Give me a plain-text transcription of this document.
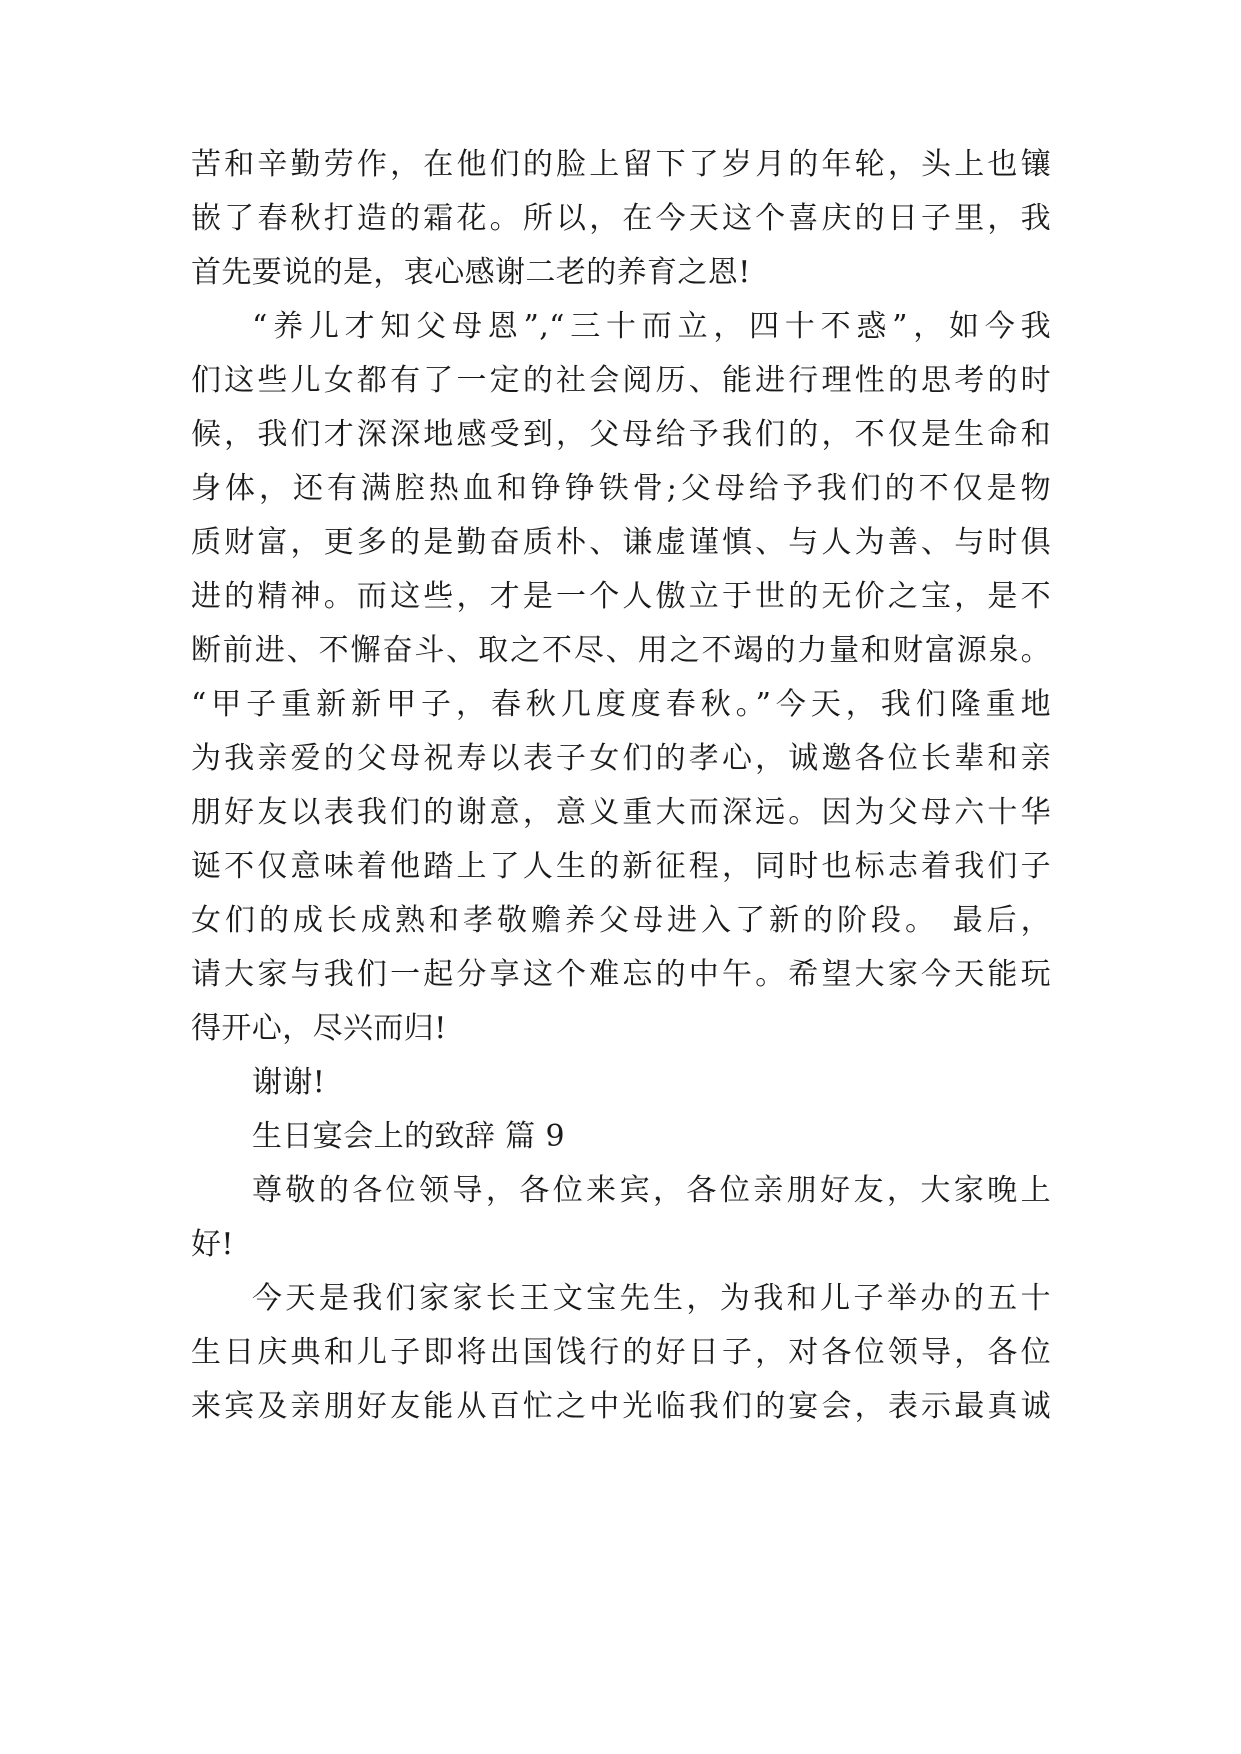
苦和辛勤劳作，在他们的脸上留下了岁月的年轮，头上也镶
嵌了春秋打造的霜花。所以，在今天这个喜庆的日子里，我
首先要说的是，衷心感谢二老的养育之恩!
“养儿才知父母恩”,“三十而立，四十不惑”，如今我
们这些儿女都有了一定的社会阅历、能进行理性的思考的时
候，我们才深深地感受到，父母给予我们的，不仅是生命和
身体，还有满腔热血和铮铮铁骨;父母给予我们的不仅是物
质财富，更多的是勤奋质朴、谦虚谨慎、与人为善、与时俱
进的精神。而这些，才是一个人傲立于世的无价之宝，是不
断前进、不懈奋斗、取之不尽、用之不竭的力量和财富源泉。
“甲子重新新甲子，春秋几度度春秋。”今天，我们隆重地
为我亲爱的父母祝寿以表子女们的孝心，诚邀各位长辈和亲
朋好友以表我们的谢意，意义重大而深远。因为父母六十华
诞不仅意味着他踏上了人生的新征程，同时也标志着我们子
女们的成长成熟和孝敬赡养父母进入了新的阶段。 最后，
请大家与我们一起分享这个难忘的中午。希望大家今天能玩
得开心，尽兴而归!
谢谢!
生日宴会上的致辞 篇 9
尊敬的各位领导，各位来宾，各位亲朋好友，大家晚上
好!
今天是我们家家长王文宝先生，为我和儿子举办的五十
生日庆典和儿子即将出国饯行的好日子，对各位领导，各位
来宾及亲朋好友能从百忙之中光临我们的宴会，表示最真诚
